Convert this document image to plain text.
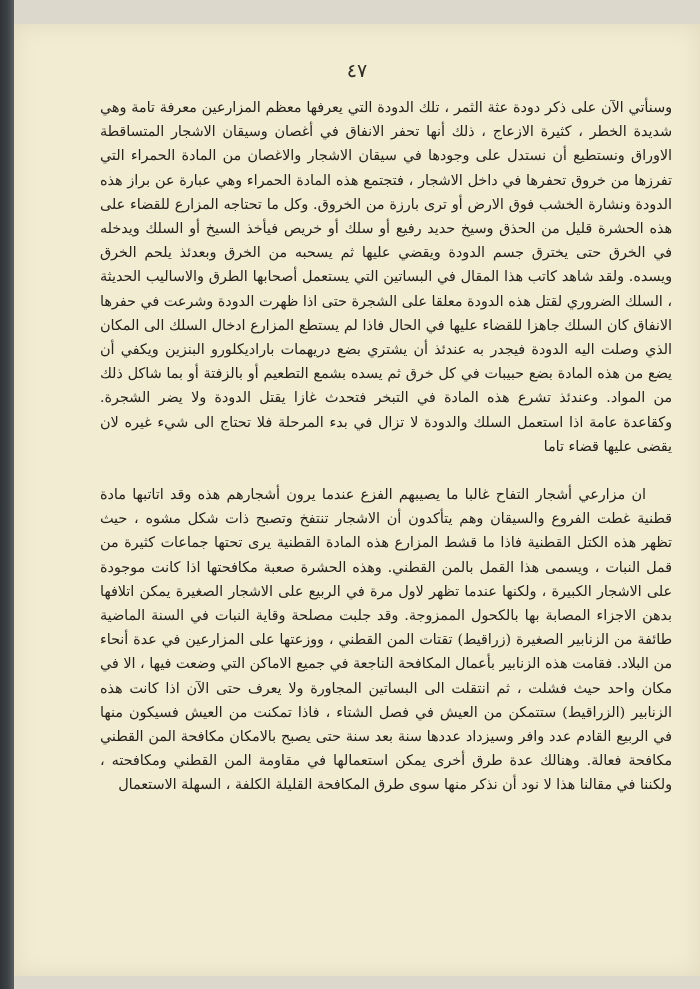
٤٧

وسنأتي الآن على ذكر دودة عثة الثمر ، تلك الدودة التي يعرفها معظم المزارعين معرفة تامة وهي شديدة الخطر ، كثيرة الازعاج ، ذلك أنها تحفر الانفاق في أغصان وسيقان الاشجار المتساقطة الاوراق ونستطيع أن نستدل على وجودها في سيقان الاشجار والاغصان من المادة الحمراء التي تفرزها من خروق تحفرها في داخل الاشجار ، فتجتمع هذه المادة الحمراء وهي عبارة عن براز هذه الدودة ونشارة الخشب فوق الارض أو ترى بارزة من الخروق. وكل ما تحتاجه المزارع للقضاء على هذه الحشرة قليل من الحذق وسيخ حديد رفيع أو سلك أو خريص فيأخذ السيخ أو السلك ويدخله في الخرق حتى يخترق جسم الدودة ويقضي عليها ثم يسحبه من الخرق وبعدئذ يلحم الخرق ويسده. ولقد شاهد كاتب هذا المقال في البساتين التي يستعمل أصحابها الطرق والاساليب الحديثة ، السلك الضروري لقتل هذه الدودة معلقا على الشجرة حتى اذا ظهرت الدودة وشرعت في حفرها الانفاق كان السلك جاهزا للقضاء عليها في الحال فاذا لم يستطع المزارع ادخال السلك الى المكان الذي وصلت اليه الدودة فيجدر به عندئذ أن يشتري بضع دريهمات باراديكلورو البنزين ويكفي أن يضع من هذه المادة بضع حبيبات في كل خرق ثم يسده بشمع التطعيم أو بالزفتة أو بما شاكل ذلك من المواد. وعندئذ تشرع هذه المادة في التبخر فتحدث غازا يقتل الدودة ولا يضر الشجرة. وكقاعدة عامة اذا استعمل السلك والدودة لا تزال في بدء المرحلة فلا تحتاج الى شيء غيره لان يقضى عليها قضاء تاما

ان مزارعي أشجار التفاح غالبا ما يصيبهم الفزع عندما يرون أشجارهم هذه وقد اتاتبها مادة قطنية غطت الفروع والسيقان وهم يتأكدون أن الاشجار تنتفخ وتصبح ذات شكل مشوه ، حيث تظهر هذه الكتل القطنية فاذا ما قشط المزارع هذه المادة القطنية يرى تحتها جماعات كثيرة من قمل النبات ، ويسمى هذا القمل بالمن القطني. وهذه الحشرة صعبة مكافحتها اذا كانت موجودة على الاشجار الكبيرة ، ولكنها عندما تظهر لاول مرة في الربيع على الاشجار الصغيرة يمكن اتلافها بدهن الاجزاء المصابة بها بالكحول الممزوجة. وقد جلبت مصلحة وقاية النبات في السنة الماضية طائفة من الزنابير الصغيرة (زراقيط) تقتات المن القطني ، ووزعتها على المزارعين في عدة أنحاء من البلاد. فقامت هذه الزنابير بأعمال المكافحة الناجعة في جميع الاماكن التي وضعت فيها ، الا في مكان واحد حيث فشلت ، ثم انتقلت الى البساتين المجاورة ولا يعرف حتى الآن اذا كانت هذه الزنابير (الزراقيط) ستتمكن من العيش في فصل الشتاء ، فاذا تمكنت من العيش فسيكون منها في الربيع القادم عدد وافر وسيزداد عددها سنة بعد سنة حتى يصبح بالامكان مكافحة المن القطني مكافحة فعالة. وهنالك عدة طرق أخرى يمكن استعمالها في مقاومة المن القطني ومكافحته ، ولكننا في مقالنا هذا لا نود أن نذكر منها سوى طرق المكافحة القليلة الكلفة ، السهلة الاستعمال
